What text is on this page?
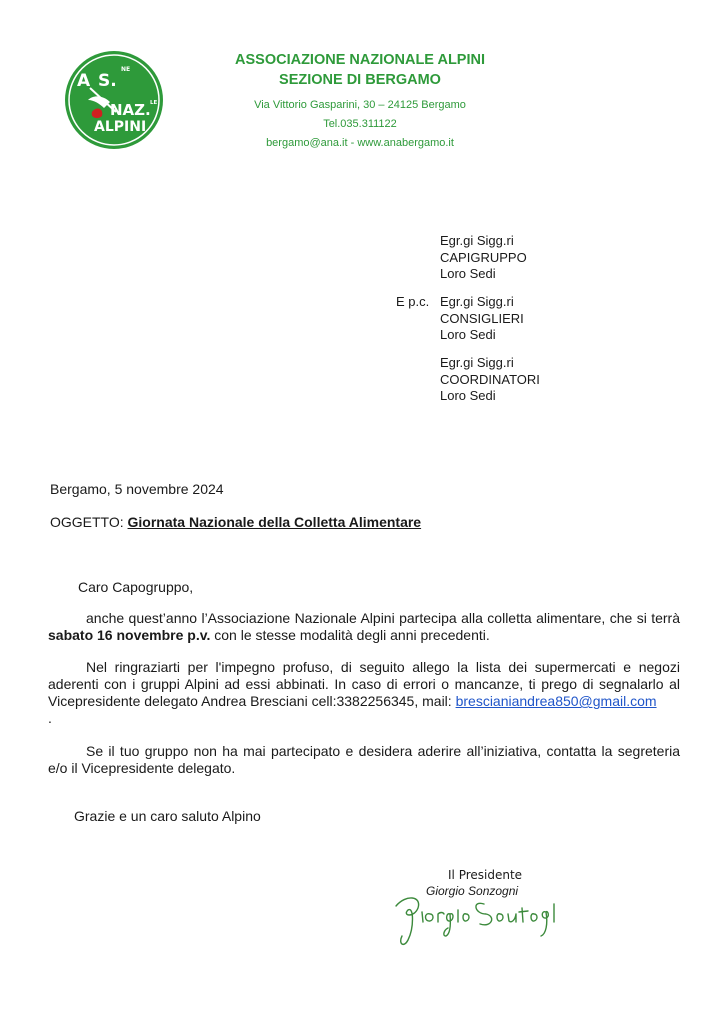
A S.
NE
NAZ. LE
ALPINI
ASSOCIAZIONE NAZIONALE ALPINI
SEZIONE DI BERGAMO
Via Vittorio Gasparini, 30 – 24125 Bergamo
Tel.035.311122
bergamo@ana.it - www.anabergamo.it
Egr.gi Sigg.ri
CAPIGRUPPO
Loro Sedi
E p.c. Egr.gi Sigg.ri
CONSIGLIERI
Loro Sedi
Egr.gi Sigg.ri
COORDINATORI
Loro Sedi
Bergamo, 5 novembre 2024
OGGETTO: Giornata Nazionale della Colletta Alimentare
Caro Capogruppo,
anche quest’anno l’Associazione Nazionale Alpini partecipa alla colletta alimentare, che si terrà sabato 16 novembre p.v. con le stesse modalità degli anni precedenti.
Nel ringraziarti per l'impegno profuso, di seguito allego la lista dei supermercati e negozi aderenti con i gruppi Alpini ad essi abbinati. In caso di errori o mancanze, ti prego di segnalarlo al Vicepresidente delegato Andrea Bresciani cell:3382256345, mail: brescianiandrea850@gmail.com
.
Se il tuo gruppo non ha mai partecipato e desidera aderire all’iniziativa, contatta la segreteria e/o il Vicepresidente delegato.
Grazie e un caro saluto Alpino
Il Presidente
Giorgio Sonzogni
